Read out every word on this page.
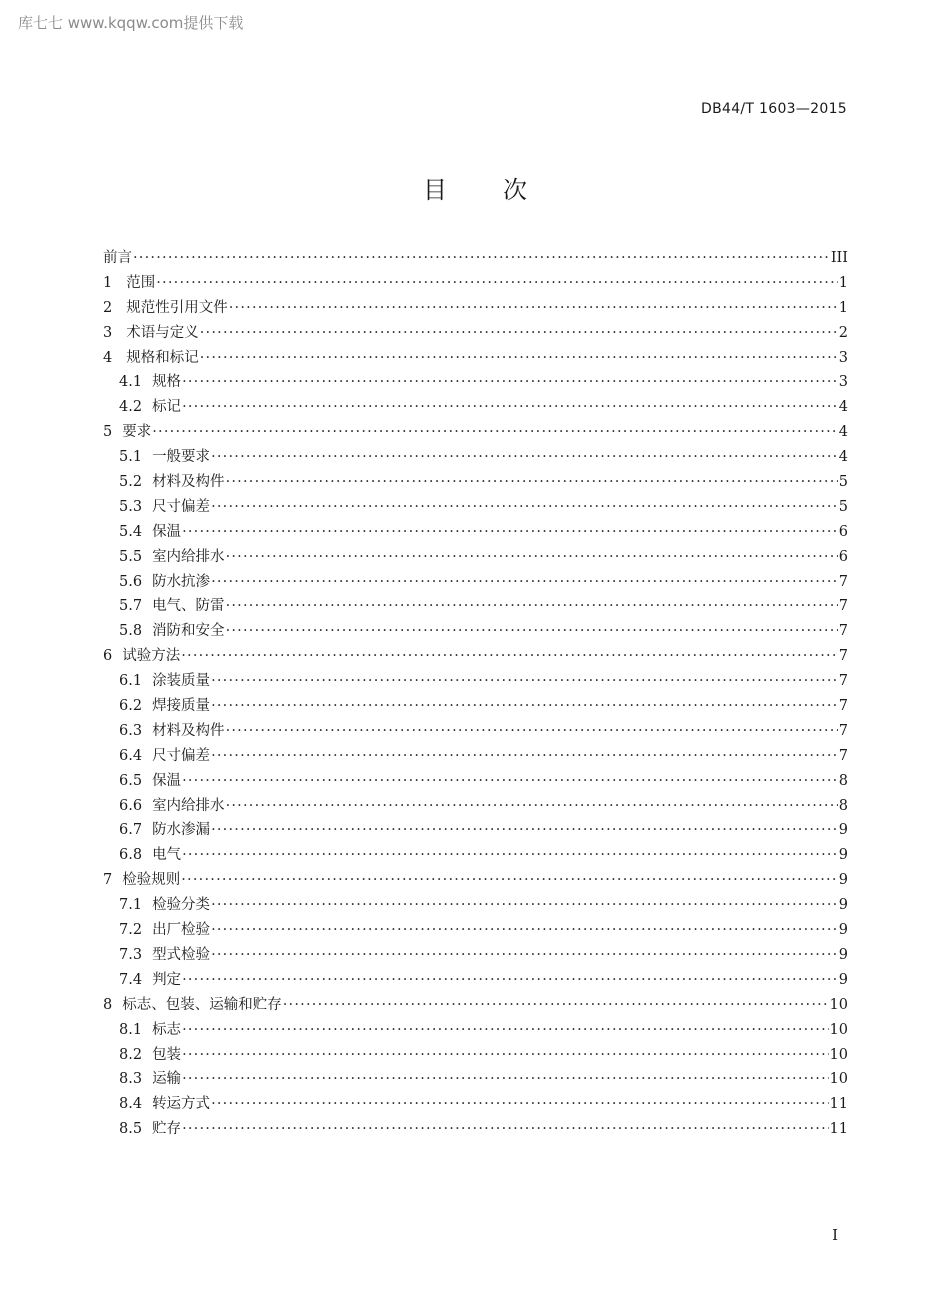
库七七 www.kqqw.com提供下载
DB44/T 1603—2015
目 次
前言 ·····	III
1 范围 ·····	1
2 规范性引用文件 ·····	1
3 术语与定义 ·····	2
4 规格和标记 ·····	3
4.1 规格 ·····	3
4.2 标记 ·····	4
5 要求 ·····	4
5.1 一般要求 ·····	4
5.2 材料及构件 ·····	5
5.3 尺寸偏差 ·····	5
5.4 保温 ·····	6
5.5 室内给排水 ·····	6
5.6 防水抗渗 ·····	7
5.7 电气、防雷 ·····	7
5.8 消防和安全 ·····	7
6 试验方法 ·····	7
6.1 涂装质量 ·····	7
6.2 焊接质量 ·····	7
6.3 材料及构件 ·····	7
6.4 尺寸偏差 ·····	7
6.5 保温 ·····	8
6.6 室内给排水 ·····	8
6.7 防水渗漏 ·····	9
6.8 电气 ·····	9
7 检验规则 ·····	9
7.1 检验分类 ·····	9
7.2 出厂检验 ·····	9
7.3 型式检验 ·····	9
7.4 判定 ·····	9
8 标志、包装、运输和贮存 ·····	10
8.1 标志 ·····	10
8.2 包装 ·····	10
8.3 运输 ·····	10
8.4 转运方式 ·····	11
8.5 贮存 ·····	11
I
